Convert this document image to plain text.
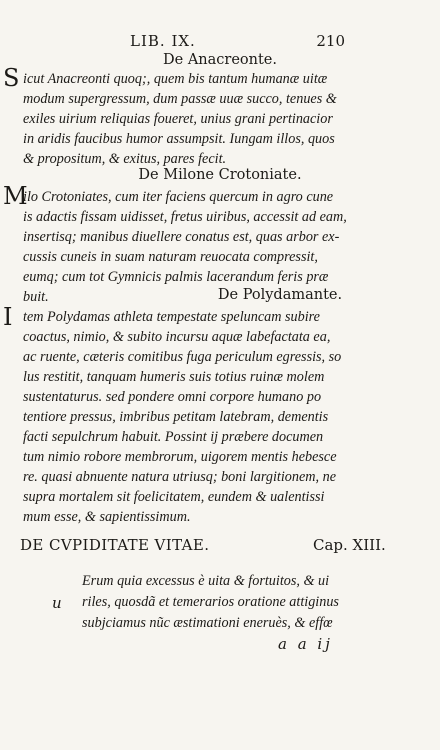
LIB. IX.	210
De Anacreonte.
S icut Anacreonti quoq;, quem bis tantum humanæ uitæ
modum supergressum, dum passæ uuæ succo, tenues &
exiles uirium reliquias foueret, unius grani pertinacior
in aridis faucibus humor assumpsit. Iungam illos, quos
& propositum, & exitus, pares fecit.
De Milone Crotoniate.
M
ilo Crotoniates, cum iter faciens quercum in agro cune
is adactis fissam uidisset, fretus uiribus, accessit ad eam,
insertisq; manibus diuellere conatus est, quas arbor ex-
cussis cuneis in suam naturam reuocata compressit,
eumq; cum tot Gymnicis palmis lacerandum feris præ
buit.	De Polydamante.
I tem Polydamas athleta tempestate speluncam subire
coactus, nimio, & subito incursu aquæ labefactata ea,
ac ruente, cæteris comitibus fuga periculum egressis, so
lus restitit, tanquam humeris suis totius ruinæ molem
sustentaturus. sed pondere omni corpore humano po
tentiore pressus, imbribus petitam latebram, dementis
facti sepulchrum habuit. Possint ij præbere documen
tum nimio robore membrorum, uigorem mentis hebesce
re. quasi abnuente natura utriusq; boni largitionem, ne
supra mortalem sit foelicitatem, eundem & ualentissi
mum esse, & sapientissimum.
DE CVPIDITATE VITAE.	Cap. XIII.
Erum quia excessus è uita & fortuitos, & ui
riles, quosdã et temerarios oratione attiginus
subjciamus nũc æstimationi eneruès, & effœ
u
a a ij
